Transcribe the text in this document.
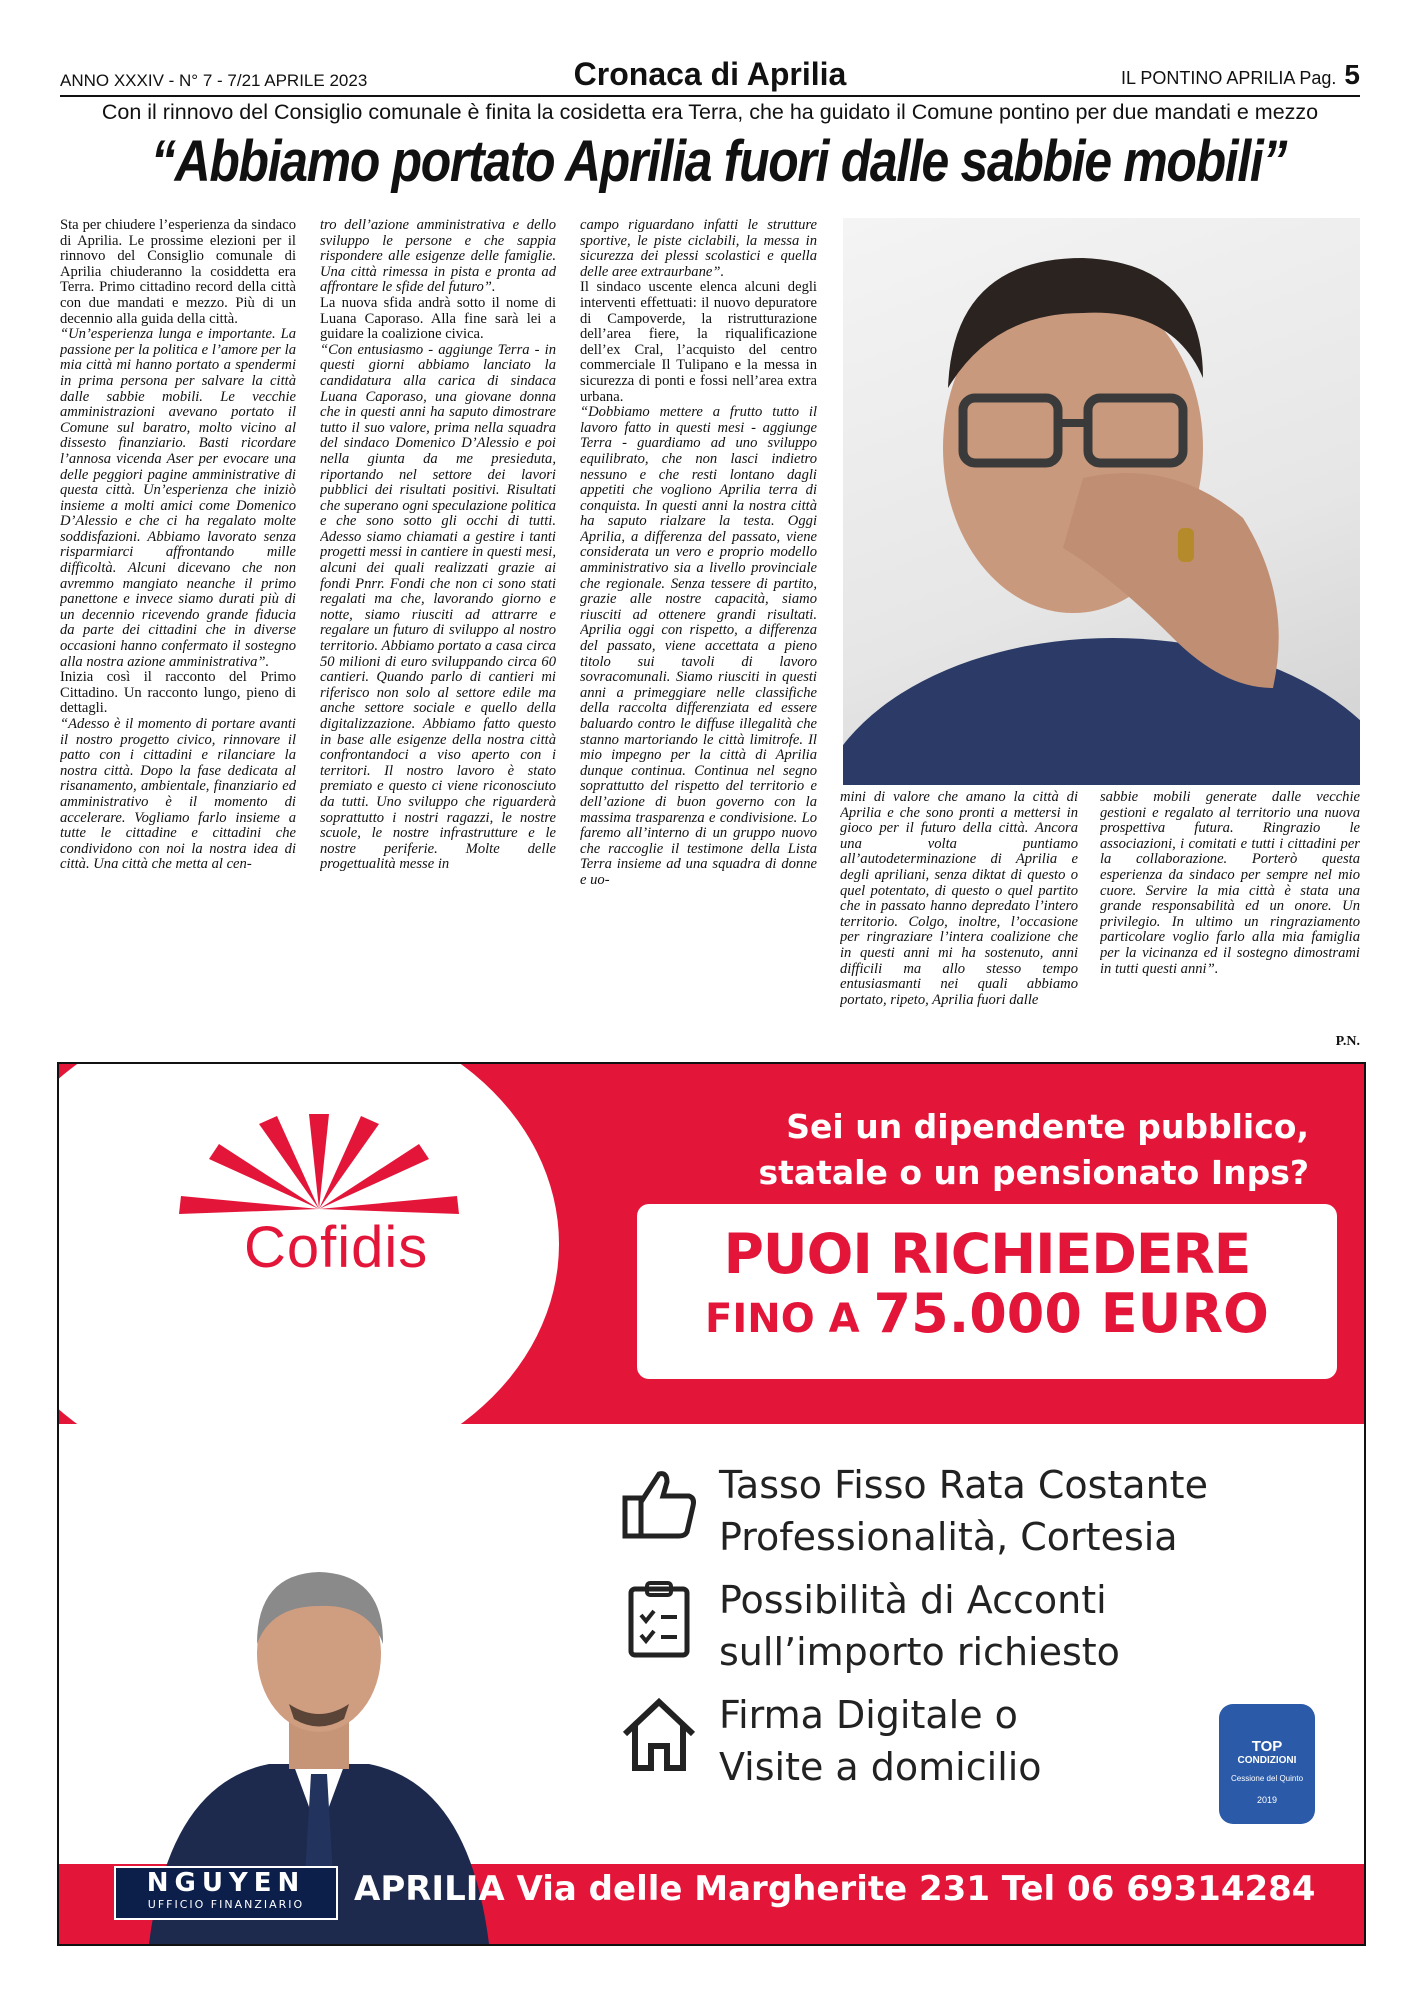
ANNO XXXIV - N° 7 - 7/21 APRILE 2023	Cronaca di Aprilia	IL PONTINO APRILIA Pag. 5
Con il rinnovo del Consiglio comunale è finita la cosidetta era Terra, che ha guidato il Comune pontino per due mandati e mezzo
“Abbiamo portato Aprilia fuori dalle sabbie mobili”

Sta per chiudere l’esperienza da sindaco di Aprilia. Le prossime elezioni per il rinnovo del Consiglio comunale di Aprilia chiuderanno la cosiddetta era Terra. Primo cittadino record della città con due mandati e mezzo. Più di un decennio alla guida della città.

“Un’esperienza lunga e importante. La passione per la politica e l’amore per la mia città mi hanno portato a spendermi in prima persona per salvare la città dalle sabbie mobili. Le vecchie amministrazioni avevano portato il Comune sul baratro, molto vicino al dissesto finanziario. Basti ricordare l’annosa vicenda Aser per evocare una delle peggiori pagine amministrative di questa città. Un’esperienza che iniziò insieme a molti amici come Domenico D’Alessio e che ci ha regalato molte soddisfazioni. Abbiamo lavorato senza risparmiarci affrontando mille difficoltà. Alcuni dicevano che non avremmo mangiato neanche il primo panettone e invece siamo durati più di un decennio ricevendo grande fiducia da parte dei cittadini che in diverse occasioni hanno confermato il sostegno alla nostra azione amministrativa”.

Inizia così il racconto del Primo Cittadino. Un racconto lungo, pieno di dettagli.

“Adesso è il momento di portare avanti il nostro progetto civico, rinnovare il patto con i cittadini e rilanciare la nostra città. Dopo la fase dedicata al risanamento, ambientale, finanziario ed amministrativo è il momento di accelerare. Vogliamo farlo insieme a tutte le cittadine e cittadini che condividono con noi la nostra idea di città. Una città che metta al cen-

tro dell’azione amministrativa e dello sviluppo le persone e che sappia rispondere alle esigenze delle famiglie. Una città rimessa in pista e pronta ad affrontare le sfide del futuro”.

La nuova sfida andrà sotto il nome di Luana Caporaso. Alla fine sarà lei a guidare la coalizione civica.

“Con entusiasmo - aggiunge Terra - in questi giorni abbiamo lanciato la candidatura alla carica di sindaca Luana Caporaso, una giovane donna che in questi anni ha saputo dimostrare tutto il suo valore, prima nella squadra del sindaco Domenico D’Alessio e poi nella giunta da me presieduta, riportando nel settore dei lavori pubblici dei risultati positivi. Risultati che superano ogni speculazione politica e che sono sotto gli occhi di tutti. Adesso siamo chiamati a gestire i tanti progetti messi in cantiere in questi mesi, alcuni dei quali realizzati grazie ai fondi Pnrr. Fondi che non ci sono stati regalati ma che, lavorando giorno e notte, siamo riusciti ad attrarre e regalare un futuro di sviluppo al nostro territorio. Abbiamo portato a casa circa 50 milioni di euro sviluppando circa 60 cantieri. Quando parlo di cantieri mi riferisco non solo al settore edile ma anche settore sociale e quello della digitalizzazione. Abbiamo fatto questo in base alle esigenze della nostra città confrontandoci a viso aperto con i territori. Il nostro lavoro è stato premiato e questo ci viene riconosciuto da tutti. Uno sviluppo che riguarderà soprattutto i nostri ragazzi, le nostre scuole, le nostre infrastrutture e le nostre periferie. Molte delle progettualità messe in

campo riguardano infatti le strutture sportive, le piste ciclabili, la messa in sicurezza dei plessi scolastici e quella delle aree extraurbane”.

Il sindaco uscente elenca alcuni degli interventi effettuati: il nuovo depuratore di Campoverde, la ristrutturazione dell’area fiere, la riqualificazione dell’ex Cral, l’acquisto del centro commerciale Il Tulipano e la messa in sicurezza di ponti e fossi nell’area extra urbana.

“Dobbiamo mettere a frutto tutto il lavoro fatto in questi mesi - aggiunge Terra - guardiamo ad uno sviluppo equilibrato, che non lasci indietro nessuno e che resti lontano dagli appetiti che vogliono Aprilia terra di conquista. In questi anni la nostra città ha saputo rialzare la testa. Oggi Aprilia, a differenza del passato, viene considerata un vero e proprio modello amministrativo sia a livello provinciale che regionale. Senza tessere di partito, grazie alle nostre capacità, siamo riusciti ad ottenere grandi risultati. Aprilia oggi con rispetto, a differenza del passato, viene accettata a pieno titolo sui tavoli di lavoro sovracomunali. Siamo riusciti in questi anni a primeggiare nelle classifiche della raccolta differenziata ed essere baluardo contro le diffuse illegalità che stanno martoriando le città limitrofe. Il mio impegno per la città di Aprilia dunque continua. Continua nel segno soprattutto del rispetto del territorio e dell’azione di buon governo con la massima trasparenza e condivisione. Lo faremo all’interno di un gruppo nuovo che raccoglie il testimone della Lista Terra insieme ad una squadra di donne e uo-

mini di valore che amano la città di Aprilia e che sono pronti a mettersi in gioco per il futuro della città. Ancora una volta puntiamo all’autodeterminazione di Aprilia e degli apriliani, senza diktat di questo o quel potentato, di questo o quel partito che in passato hanno depredato l’intero territorio. Colgo, inoltre, l’occasione per ringraziare l’intera coalizione che in questi anni mi ha sostenuto, anni difficili ma allo stesso tempo entusiasmanti nei quali abbiamo portato, ripeto, Aprilia fuori dalle

sabbie mobili generate dalle vecchie gestioni e regalato al territorio una nuova prospettiva futura. Ringrazio le associazioni, i comitati e tutti i cittadini per la collaborazione. Porterò questa esperienza da sindaco per sempre nel mio cuore. Servire la mia città è stata una grande responsabilità ed un onore. Un privilegio. In ultimo un ringraziamento particolare voglio farlo alla mia famiglia per la vicinanza ed il sostegno dimostrami in tutti questi anni”.

P.N.
Cofidis
Sei un dipendente pubblico,
statale o un pensionato Inps?
PUOI RICHIEDERE
FINO A 75.000 EURO
Tasso Fisso Rata Costante
Professionalità, Cortesia
Possibilità di Acconti
sull’importo richiesto
Firma Digitale o
Visite a domicilio	TOP
CONDIZIONI
Cessione del Quinto
2019
Agenzia Roma e Latina
NGUYEN
UFFICIO FINANZIARIO	APRILIA Via delle Margherite 231 Tel 06 69314284
